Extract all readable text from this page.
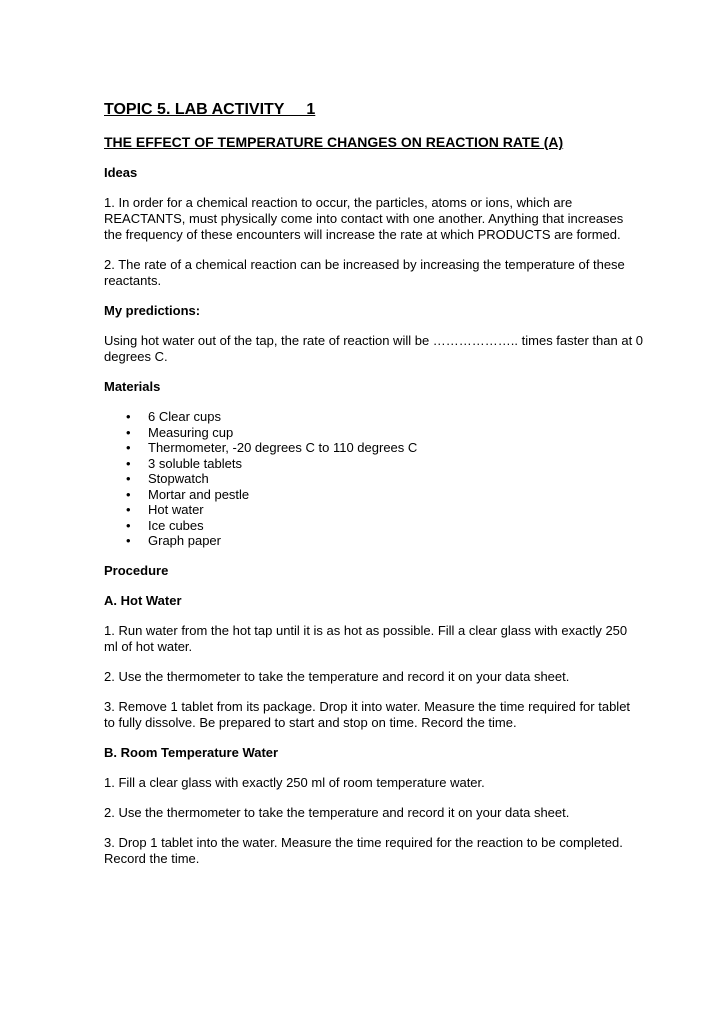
TOPIC 5. LAB ACTIVITY     1
THE EFFECT OF TEMPERATURE CHANGES ON REACTION RATE (A)
Ideas
1. In order for a chemical reaction to occur, the particles, atoms or ions, which are REACTANTS, must physically come into contact with one another. Anything that increases the frequency of these encounters will increase the rate at which PRODUCTS are formed.
2. The rate of a chemical reaction can be increased by increasing the temperature of these reactants.
My predictions:
Using hot water out of the tap, the rate of reaction will be ……………….. times faster than at 0 degrees C.
Materials
•	6 Clear cups
•	Measuring cup
•	Thermometer, -20 degrees C to 110 degrees C
•	3 soluble tablets
•	Stopwatch
•	Mortar and pestle
•	Hot water
•	Ice cubes
•	Graph paper
Procedure
A. Hot Water
1. Run water from the hot tap until it is as hot as possible. Fill a clear glass with exactly 250 ml of hot water.
2. Use the thermometer to take the temperature and record it on your data sheet.
3. Remove 1 tablet from its package. Drop it into water. Measure the time required for tablet to fully dissolve. Be prepared to start and stop on time. Record the time.
B. Room Temperature Water
1. Fill a clear glass with exactly 250 ml of room temperature water.
2. Use the thermometer to take the temperature and record it on your data sheet.
3. Drop 1 tablet into the water. Measure the time required for the reaction to be completed. Record the time.
